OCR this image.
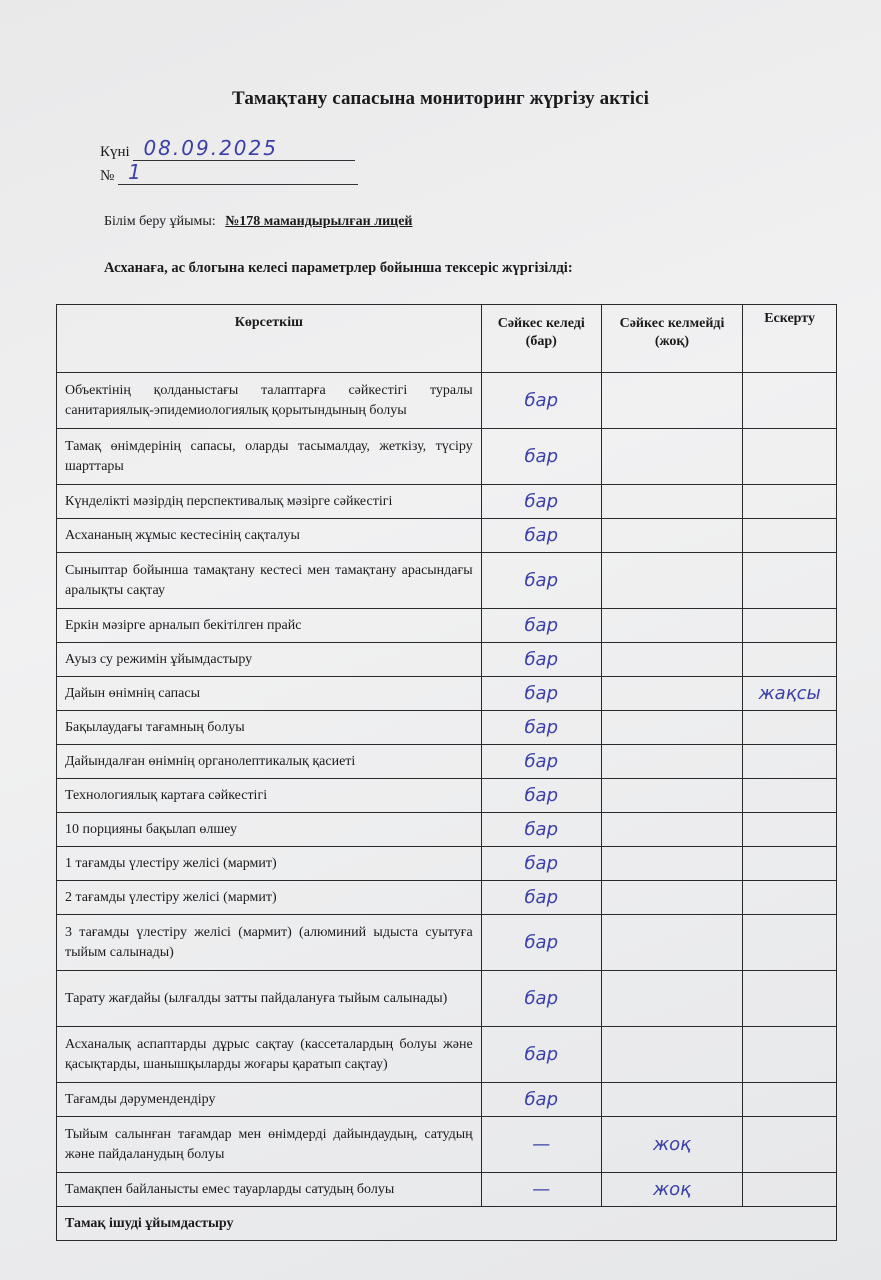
Тамақтану сапасына мониторинг жүргізу актісі
Күні 08.09.2025
№ 1
Білім беру ұйымы: №178 мамандырылған лицей
Асханаға, ас блогына келесі параметрлер бойынша тексеріс жүргізілді:
Көрсеткіш	Сәйкес келеді (бар)	Сәйкес келмейді (жоқ)	Ескерту
Объектінің қолданыстағы талаптарға сәйкестігі туралы санитариялық-эпидемиологиялық қорытындының болуы	бар		
Тамақ өнімдерінің сапасы, оларды тасымалдау, жеткізу, түсіру шарттары	бар		
Күнделікті мәзірдің перспективалық мәзірге сәйкестігі	бар		
Асхананың жұмыс кестесінің сақталуы	бар		
Сыныптар бойынша тамақтану кестесі мен тамақтану арасындағы аралықты сақтау	бар		
Еркін мәзірге арналып бекітілген прайс	бар		
Ауыз су режимін ұйымдастыру	бар		
Дайын өнімнің сапасы	бар		жақсы
Бақылаудағы тағамның болуы	бар		
Дайындалған өнімнің органолептикалық қасиеті	бар		
Технологиялық картаға сәйкестігі	бар		
10 порцияны бақылап өлшеу	бар		
1 тағамды үлестіру желісі (мармит)	бар		
2 тағамды үлестіру желісі (мармит)	бар		
3 тағамды үлестіру желісі (мармит) (алюминий ыдыста суытуға тыйым салынады)	бар		
Тарату жағдайы (ылғалды затты пайдалануға тыйым салынады)	бар		
Асханалық аспаптарды дұрыс сақтау (кассеталардың болуы және қасықтарды, шанышқыларды жоғары қаратып сақтау)	бар		
Тағамды дәрумендендіру	бар		
Тыйым салынған тағамдар мен өнімдерді дайындаудың, сатудың және пайдаланудың болуы	—	жоқ	
Тамақпен байланысты емес тауарларды сатудың болуы	—	жоқ	
Тамақ ішуді ұйымдастыру			
